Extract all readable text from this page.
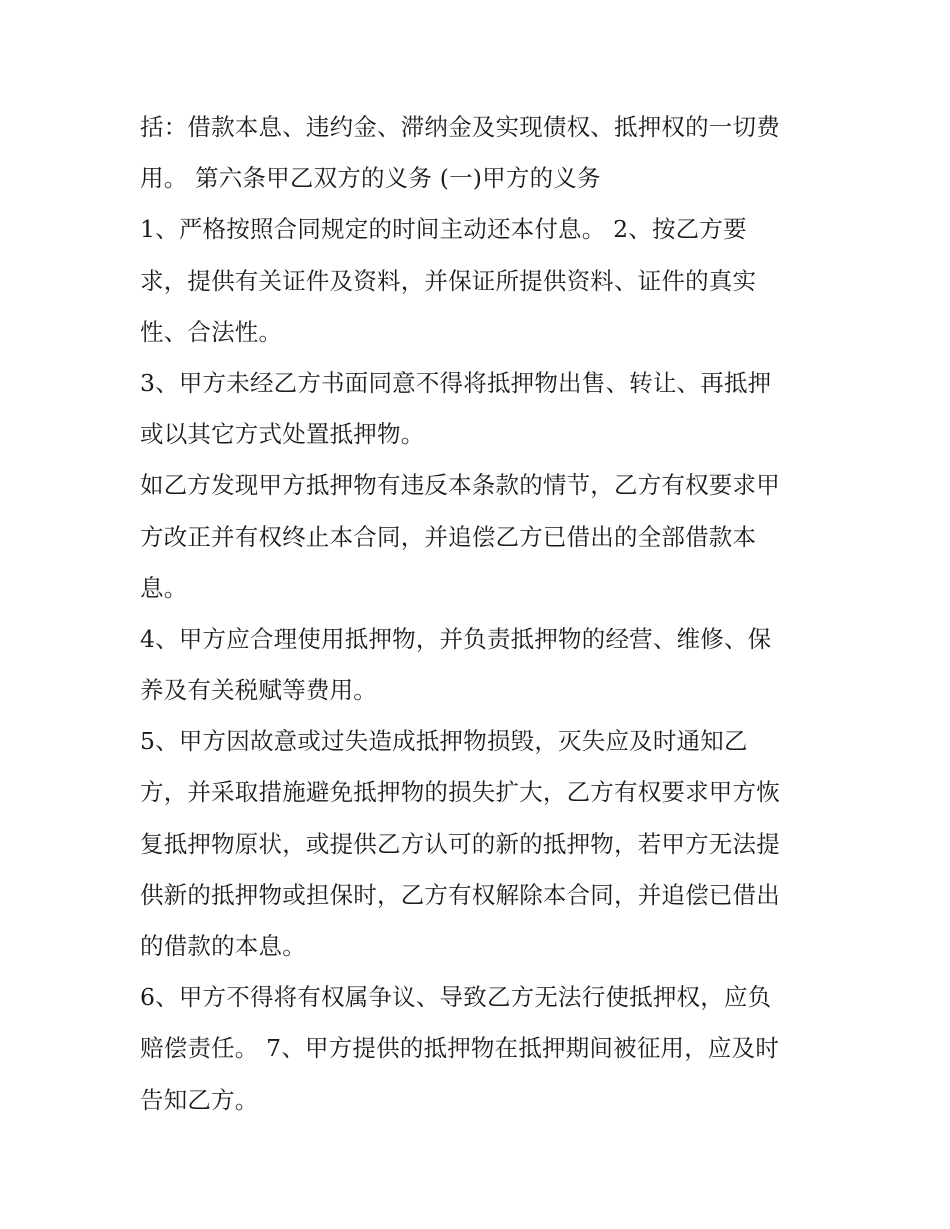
括：借款本息、违约金、滞纳金及实现债权、抵押权的一切费
用。 第六条甲乙双方的义务 (一)甲方的义务
1、严格按照合同规定的时间主动还本付息。 2、按乙方要
求，提供有关证件及资料，并保证所提供资料、证件的真实
性、合法性。
3、甲方未经乙方书面同意不得将抵押物出售、转让、再抵押
或以其它方式处置抵押物。
如乙方发现甲方抵押物有违反本条款的情节，乙方有权要求甲
方改正并有权终止本合同，并追偿乙方已借出的全部借款本
息。
4、甲方应合理使用抵押物，并负责抵押物的经营、维修、保
养及有关税赋等费用。
5、甲方因故意或过失造成抵押物损毁，灭失应及时通知乙
方，并采取措施避免抵押物的损失扩大，乙方有权要求甲方恢
复抵押物原状，或提供乙方认可的新的抵押物，若甲方无法提
供新的抵押物或担保时，乙方有权解除本合同，并追偿已借出
的借款的本息。
6、甲方不得将有权属争议、导致乙方无法行使抵押权，应负
赔偿责任。 7、甲方提供的抵押物在抵押期间被征用，应及时
告知乙方。
